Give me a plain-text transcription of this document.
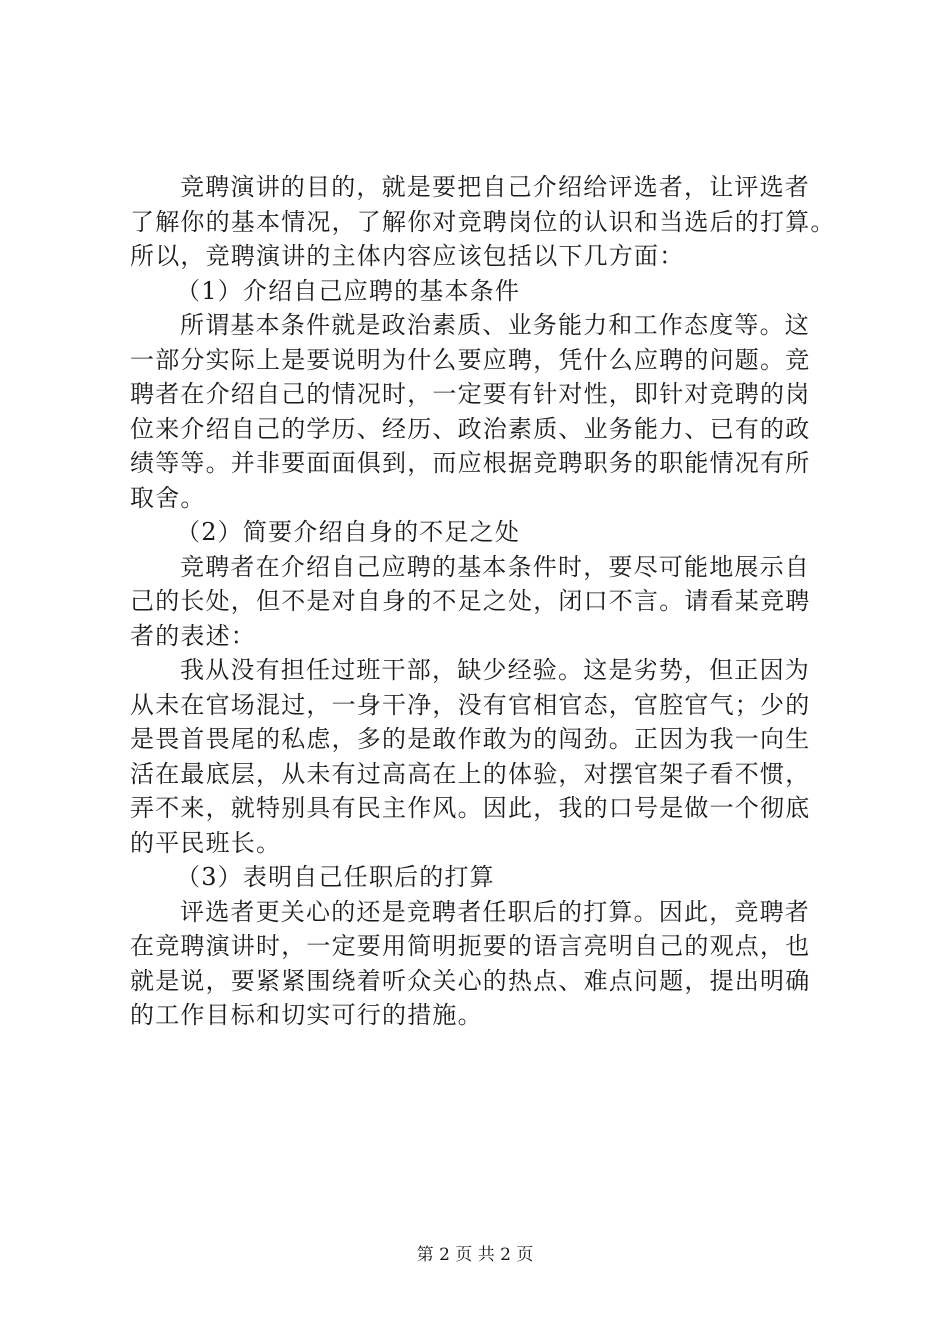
竞聘演讲的目的，就是要把自己介绍给评选者，让评选者
了解你的基本情况，了解你对竞聘岗位的认识和当选后的打算。
所以，竞聘演讲的主体内容应该包括以下几方面：
（1）介绍自己应聘的基本条件
所谓基本条件就是政治素质、业务能力和工作态度等。这
一部分实际上是要说明为什么要应聘，凭什么应聘的问题。竞
聘者在介绍自己的情况时，一定要有针对性，即针对竞聘的岗
位来介绍自己的学历、经历、政治素质、业务能力、已有的政
绩等等。并非要面面俱到，而应根据竞聘职务的职能情况有所
取舍。
（2）简要介绍自身的不足之处
竞聘者在介绍自己应聘的基本条件时，要尽可能地展示自
己的长处，但不是对自身的不足之处，闭口不言。请看某竞聘
者的表述：
我从没有担任过班干部，缺少经验。这是劣势，但正因为
从未在官场混过，一身干净，没有官相官态，官腔官气；少的
是畏首畏尾的私虑，多的是敢作敢为的闯劲。正因为我一向生
活在最底层，从未有过高高在上的体验，对摆官架子看不惯，
弄不来，就特别具有民主作风。因此，我的口号是做一个彻底
的平民班长。
（3）表明自己任职后的打算
评选者更关心的还是竞聘者任职后的打算。因此，竞聘者
在竞聘演讲时，一定要用简明扼要的语言亮明自己的观点，也
就是说，要紧紧围绕着听众关心的热点、难点问题，提出明确
的工作目标和切实可行的措施。
第 2 页 共 2 页
